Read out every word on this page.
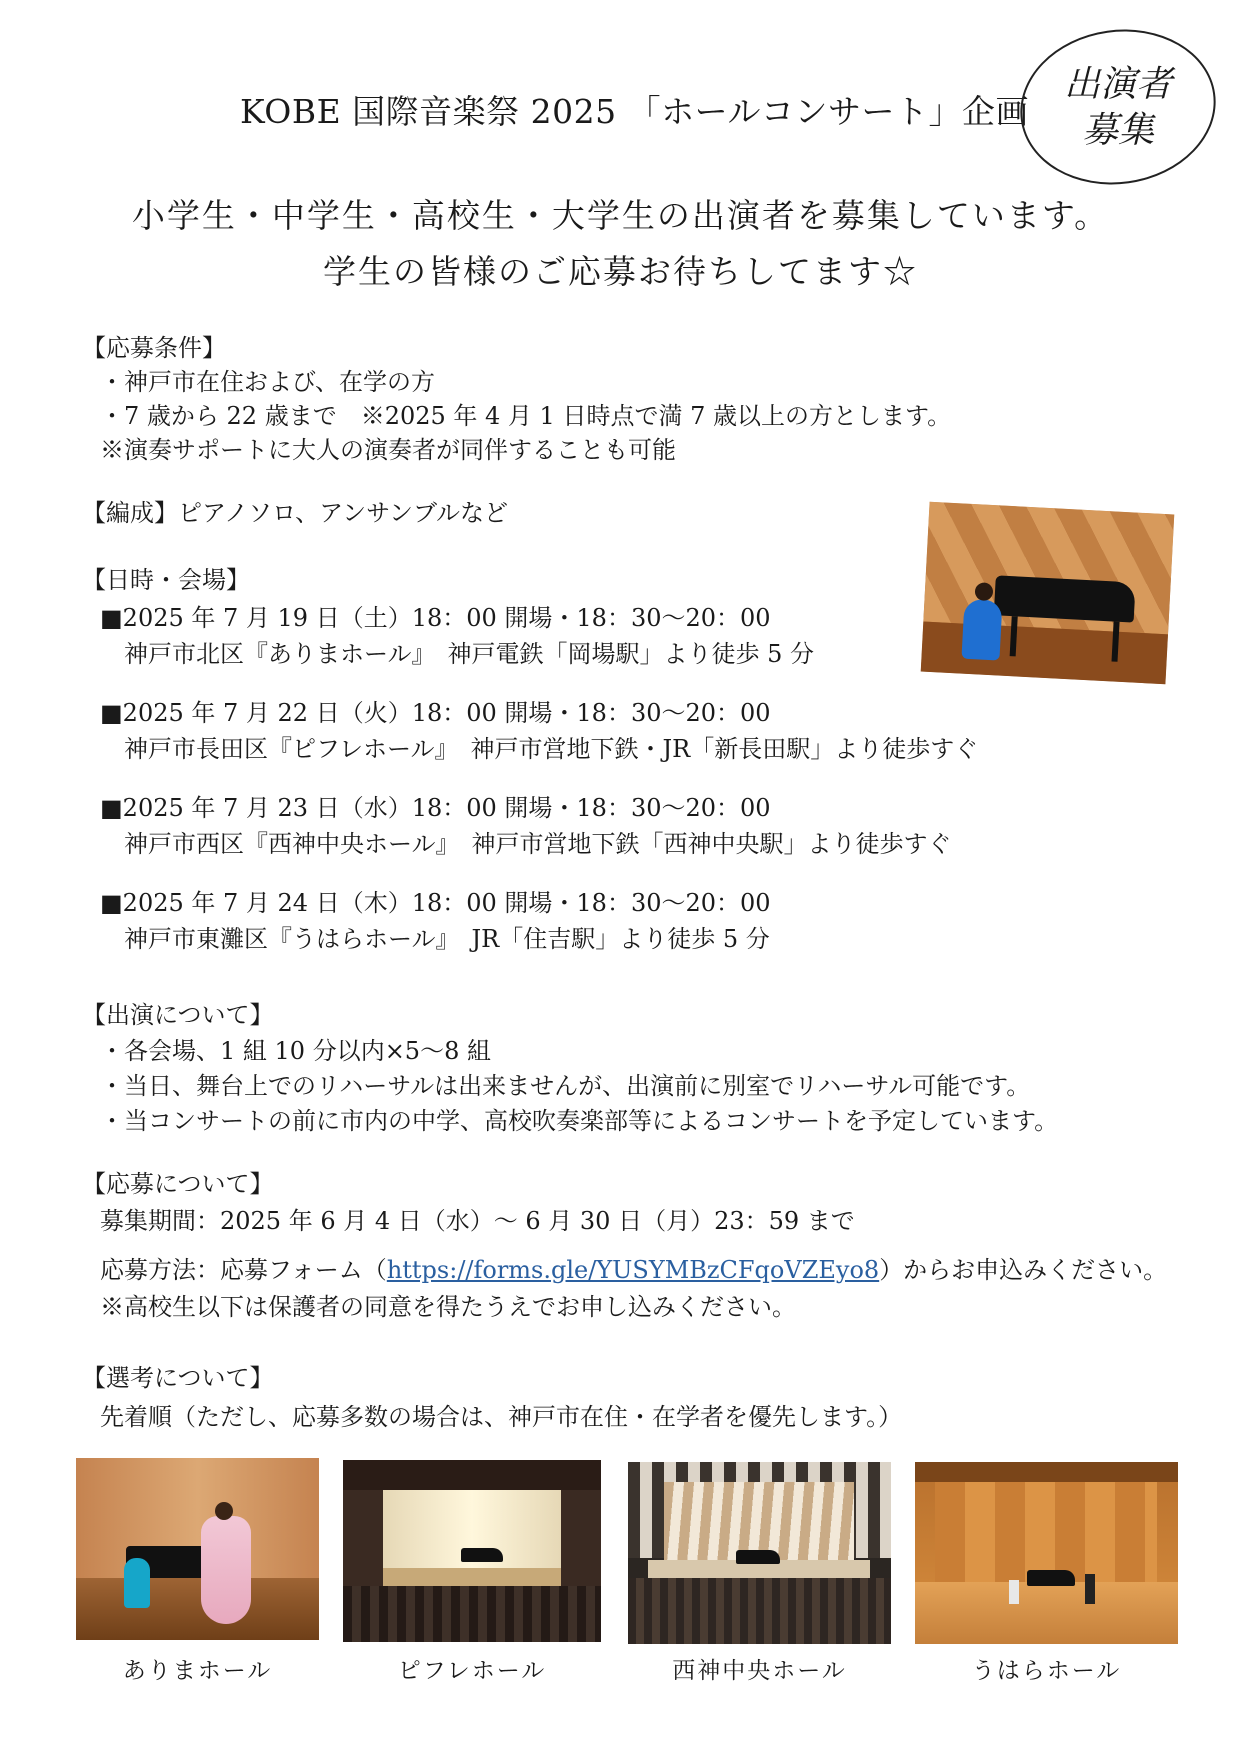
KOBE 国際音楽祭 2025 「ホールコンサート」企画
出演者
募集
小学生・中学生・高校生・大学生の出演者を募集しています。
学生の皆様のご応募お待ちしてます☆
【応募条件】
・神戸市在住および、在学の方
・7 歳から 22 歳まで　※2025 年 4 月 1 日時点で満 7 歳以上の方とします。
※演奏サポートに大人の演奏者が同伴することも可能
【編成】ピアノソロ、アンサンブルなど
【日時・会場】
■2025 年 7 月 19 日（土）18：00 開場・18：30〜20：00
神戸市北区『ありまホール』　神戸電鉄「岡場駅」より徒歩 5 分
■2025 年 7 月 22 日（火）18：00 開場・18：30〜20：00
神戸市長田区『ピフレホール』　神戸市営地下鉄・JR「新長田駅」より徒歩すぐ
■2025 年 7 月 23 日（水）18：00 開場・18：30〜20：00
神戸市西区『西神中央ホール』　神戸市営地下鉄「西神中央駅」より徒歩すぐ
■2025 年 7 月 24 日（木）18：00 開場・18：30〜20：00
神戸市東灘区『うはらホール』　JR「住吉駅」より徒歩 5 分
【出演について】
・各会場、1 組 10 分以内×5〜8 組
・当日、舞台上でのリハーサルは出来ませんが、出演前に別室でリハーサル可能です。
・当コンサートの前に市内の中学、高校吹奏楽部等によるコンサートを予定しています。
【応募について】
募集期間：2025 年 6 月 4 日（水）〜 6 月 30 日（月）23：59 まで
応募方法：応募フォーム（https://forms.gle/YUSYMBzCFqoVZEyo8）からお申込みください。
※高校生以下は保護者の同意を得たうえでお申し込みください。
【選考について】
先着順（ただし、応募多数の場合は、神戸市在住・在学者を優先します。）
ありまホール	ピフレホール	西神中央ホール	うはらホール
